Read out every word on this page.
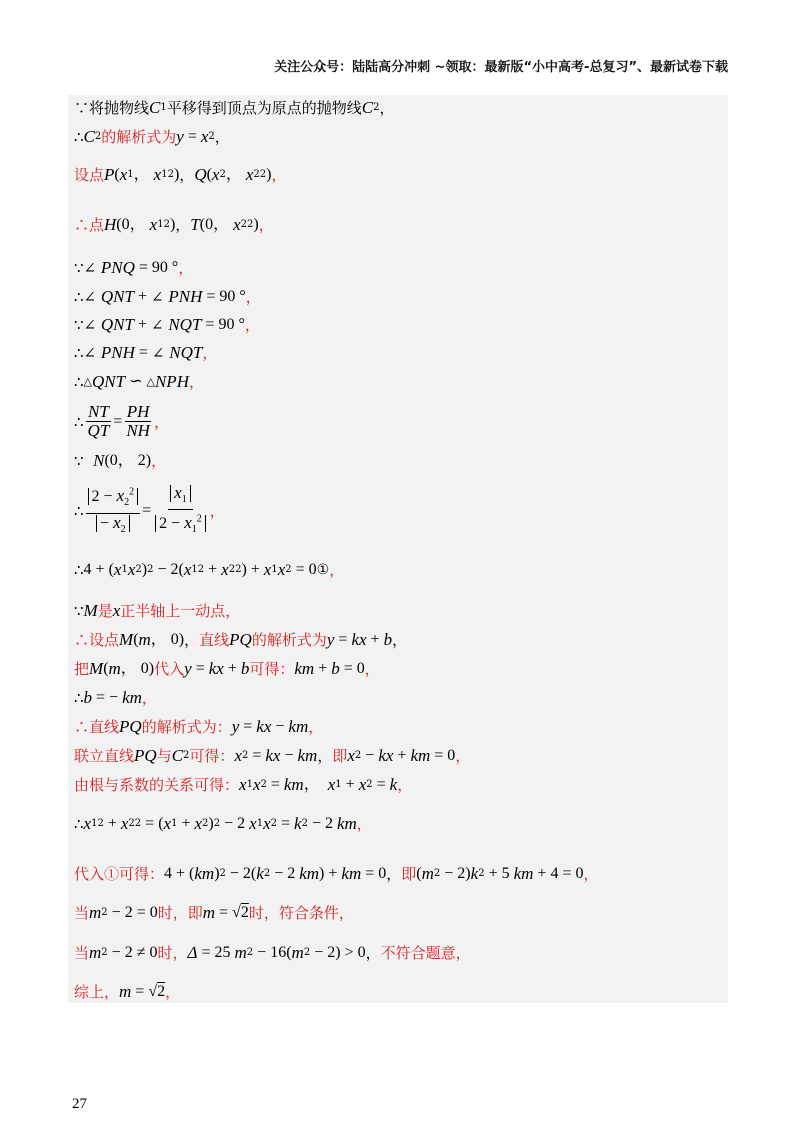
关注公众号：陆陆高分冲刺 ~领取：最新版“小中高考-总复习”、最新试卷下载
∵将抛物线 C 1 平移得到顶点为原点的抛物线 C 2 ，
∴ C 2 的解析式为 y = x 2 ，
设点 P ( x 1 ， x 1 2 ) ， Q ( x 2 ， x 2 2 ) ，
∴点 H (0， x 1 2 ) ， T (0， x 2 2 ) ，
∵∠ PNQ = 90 ° ，
∴∠ QNT + ∠ PNH = 90 ° ，
∵∠ QNT + ∠ NQT = 90 ° ，
∴∠ PNH = ∠ NQT ，
∴ △ QNT ∽ △ NPH ，
∴ $\frac{NT}{QT} = \frac{PH}{NH}$ ，
∵ N (0， 2) ，
∴ $\frac{2 - x_2^2}{- x_2} = \frac{x_1}{2 - x_1^2}$ ，
∴ 4 + ( x 1 x 2 ) 2 − 2( x 1 2 + x 2 2 ) + x 1 x 2 = 0 ① ，
∵ M 是 x 正半轴上一动点，
∴设点 M ( m ， 0) ， 直线 PQ 的解析式为 y = kx + b ，
把 M ( m ， 0) 代入 y = kx + b 可得： km + b = 0 ，
∴ b = − km ，
∴直线 PQ 的解析式为： y = kx − km ，
联立直线 PQ 与 C 2 可得： x 2 = kx − km ， 即 x 2 − kx + km = 0 ，
由根与系数的关系可得： x 1 x 2 = km ， x 1 + x 2 = k ，
∴ x 1 2 + x 2 2 = ( x 1 + x 2 ) 2 − 2 x 1 x 2 = k 2 − 2 km ，
代入①可得： 4 + ( km ) 2 − 2( k 2 − 2 km ) + km = 0 ， 即 ( m 2 − 2) k 2 + 5 km + 4 = 0 ，
当 m 2 − 2 = 0 时，即 m = √2 时，符合条件，
当 m 2 − 2 ≠ 0 时， Δ = 25 m 2 − 16( m 2 − 2) > 0 ， 不符合题意，
综上， m = √2 ，
27
